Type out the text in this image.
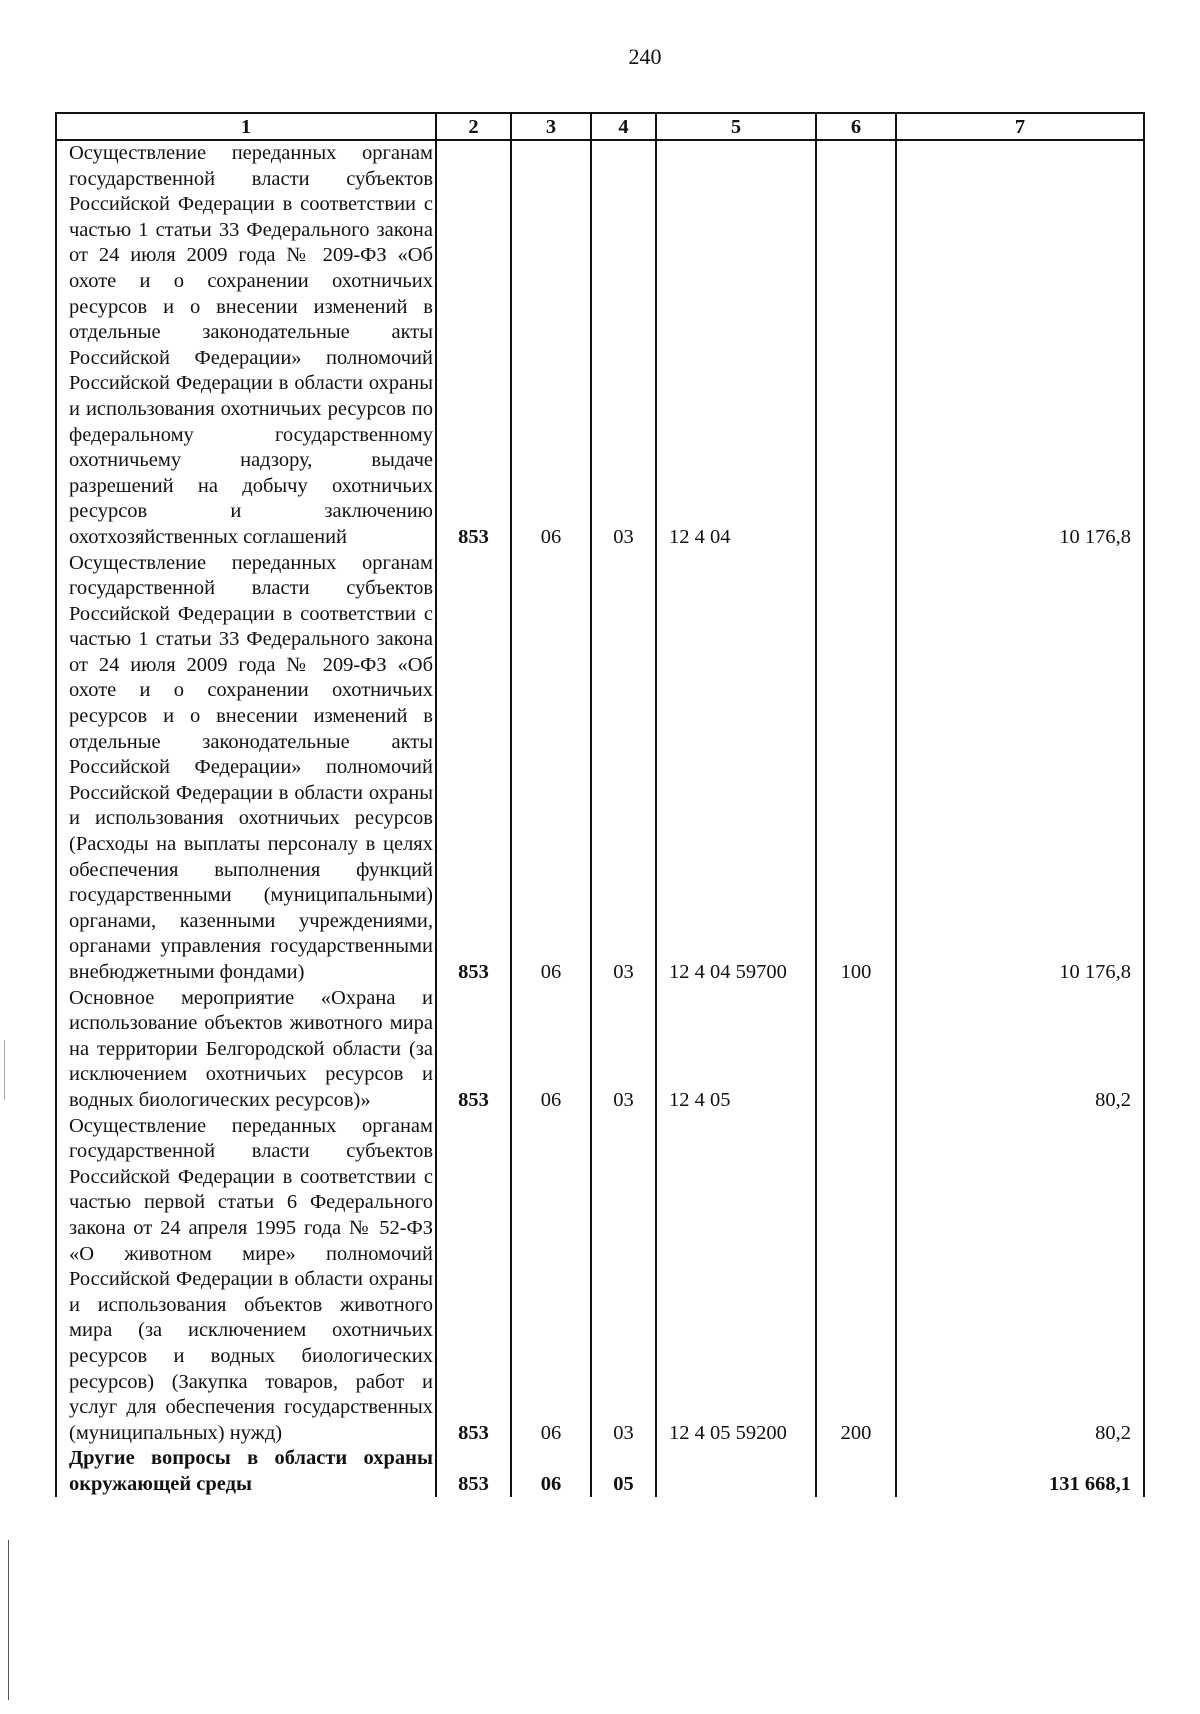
240
1	2	3	4	5	6	7
Осуществление переданных органам государственной власти субъектов Российской Федерации в соответствии с частью 1 статьи 33 Федерального закона от 24 июля 2009 года № 209-ФЗ «Об охоте и о сохранении охотничьих ресурсов и о внесении изменений в отдельные законодательные акты Российской Федерации» полномочий Российской Федерации в области охраны и использования охотничьих ресурсов по федеральному государственному охотничьему надзору, выдаче разрешений на добычу охотничьих ресурсов и заключению охотхозяйственных соглашений	853	06	03	12 4 04		10 176,8
Осуществление переданных органам государственной власти субъектов Российской Федерации в соответствии с частью 1 статьи 33 Федерального закона от 24 июля 2009 года № 209-ФЗ «Об охоте и о сохранении охотничьих ресурсов и о внесении изменений в отдельные законодательные акты Российской Федерации» полномочий Российской Федерации в области охраны и использования охотничьих ресурсов (Расходы на выплаты персоналу в целях обеспечения выполнения функций государственными (муниципальными) органами, казенными учреждениями, органами управления государственными внебюджетными фондами)	853	06	03	12 4 04 59700	100	10 176,8
Основное мероприятие «Охрана и использование объектов животного мира на территории Белгородской области (за исключением охотничьих ресурсов и водных биологических ресурсов)»	853	06	03	12 4 05		80,2
Осуществление переданных органам государственной власти субъектов Российской Федерации в соответствии с частью первой статьи 6 Федерального закона от 24 апреля 1995 года № 52-ФЗ «О животном мире» полномочий Российской Федерации в области охраны и использования объектов животного мира (за исключением охотничьих ресурсов и водных биологических ресурсов) (Закупка товаров, работ и услуг для обеспечения государственных (муниципальных) нужд)	853	06	03	12 4 05 59200	200	80,2
Другие вопросы в области охраны окружающей среды	853	06	05			131 668,1
